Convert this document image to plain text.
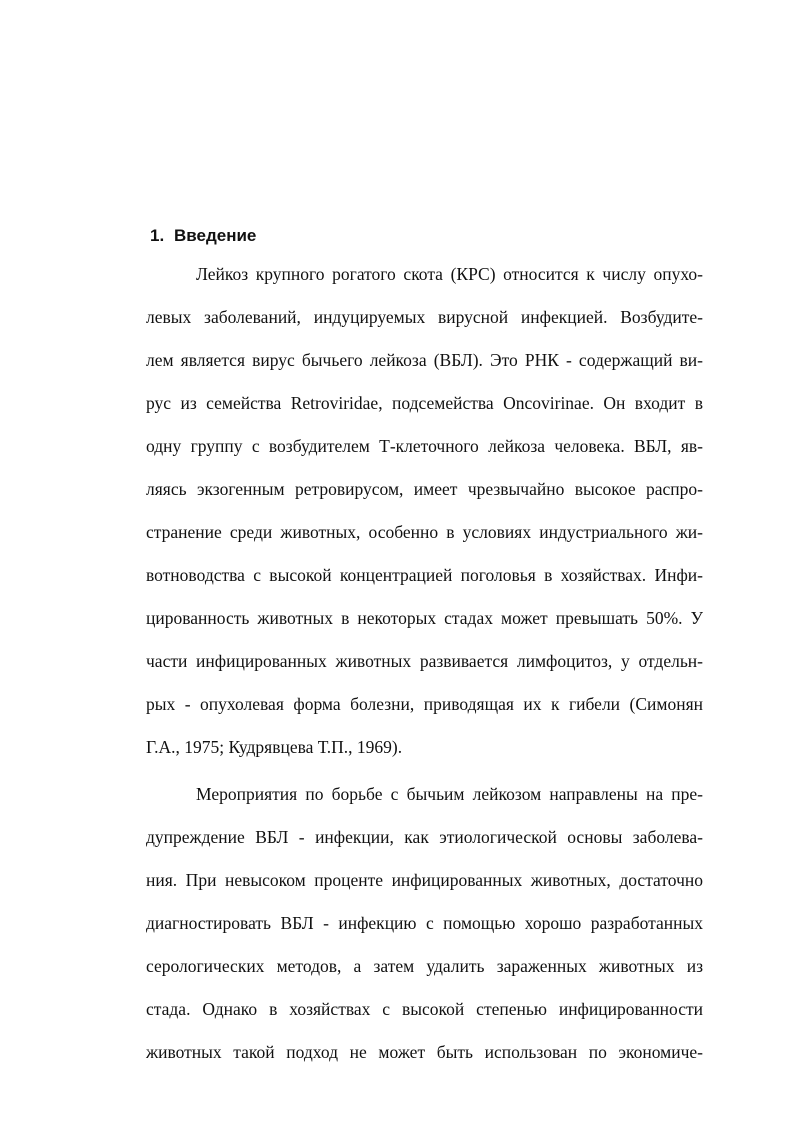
1. Введение
Лейкоз крупного рогатого скота (КРС) относится к числу опухо-
левых заболеваний, индуцируемых вирусной инфекцией. Возбудите-
лем является вирус бычьего лейкоза (ВБЛ). Это РНК - содержащий ви-
рус из семейства Retroviridae, подсемейства Oncovirinae. Он входит в
одну группу с возбудителем Т-клеточного лейкоза человека. ВБЛ, яв-
ляясь экзогенным ретровирусом, имеет чрезвычайно высокое распро-
странение среди животных, особенно в условиях индустриального жи-
вотноводства с высокой концентрацией поголовья в хозяйствах. Инфи-
цированность животных в некоторых стадах может превышать 50%. У
части инфицированных животных развивается лимфоцитоз, у отдельн-
рых - опухолевая форма болезни, приводящая их к гибели (Симонян
Г.А., 1975; Кудрявцева Т.П., 1969).
Мероприятия по борьбе с бычьим лейкозом направлены на пре-
дупреждение ВБЛ - инфекции, как этиологической основы заболева-
ния. При невысоком проценте инфицированных животных, достаточно
диагностировать ВБЛ - инфекцию с помощью хорошо разработанных
серологических методов, а затем удалить зараженных животных из
стада. Однако в хозяйствах с высокой степенью инфицированности
животных такой подход не может быть использован по экономиче-
